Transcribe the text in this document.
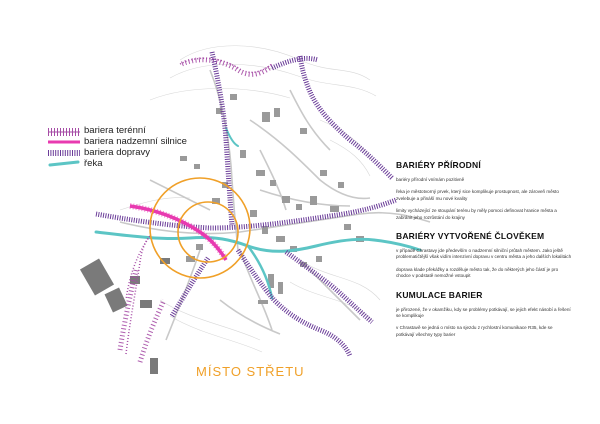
bariera terénní
bariera nadzemní silnice
bariera dopravy
řeka	BARIÉRY PŘÍRODNÍ
bariéry přírodní vnímám pozitivně
řeka je městotvorný prvek, který sice komplikuje prostupnost, ale zároveň město zvelebuje a přináší mu nové kvality
limity vycházející ze stoupání terénu by měly pomoci definovat hranice města a zabránit jeho rozrůstání do krajiny
BARIÉRY VYTVOŘENÉ ČLOVĚKEM
v případě Chrastavy jde především o nadzemní silniční průtah městem. Jako ještě problematičtější však vidím intenzivní dopravu v centru města a jeho dalších lokalitách
doprava klade překážky a rozděluje město tak, že do některých jeho částí je pro chodce v podstatě nemožné vstoupit
KUMULACE BARIER
je přirozené, že v okamžiku, kdy se problémy potkávají, se jejich efekt násobí a řešení se komplikuje
v Chrastavě se jedná o místo na sjezdu z rychlostní komunikace R35, kde se potkávají všechny typy barier
MÍSTO STŘETU
